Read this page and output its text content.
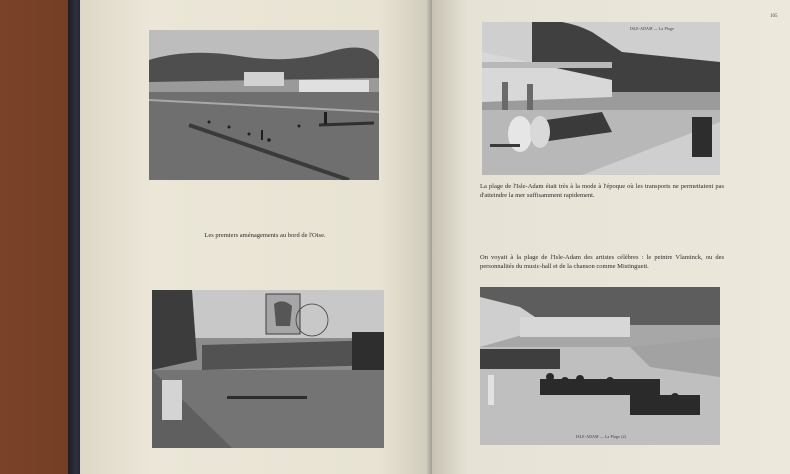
Les premiers aménagements au bord de l'Oise.
105
ISLE-ADAM — La Plage
La plage de l'Isle-Adam était très à la mode à l'époque où les transports ne permettaient pas d'atteindre la mer suffisamment rapidement.
On voyait à la plage de l'Isle-Adam des artistes célèbres : le peintre Vlaminck, ou des personnalités du music-hall et de la chanson comme Mistinguett.
ISLE-ADAM — La Plage (2)
